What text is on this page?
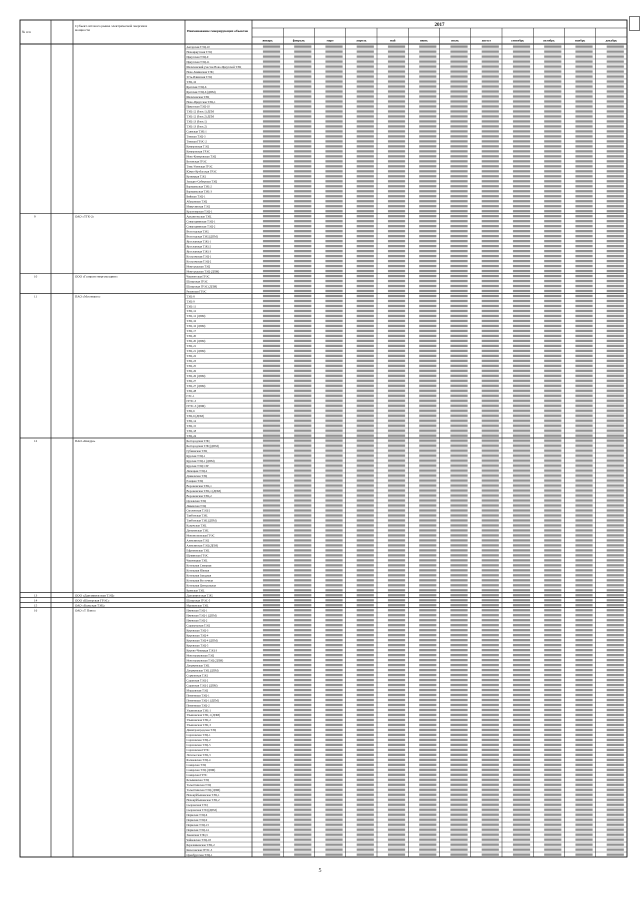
№ п/п
Субъект оптового рынка электрической энергии и
мощности	Наименование генерирующих объектов
2017
январь	февраль	март	апрель	май	июнь	июль	август	сентябрь	октябрь	ноябрь	декабрь
Ангарская ТЭЦ-10
Новоиркутская ТЭЦ
Иркутская ТЭЦ-9
Иркутская ТЭЦ-11
Шелеховский участок Ново-Иркутской ТЭЦ
Ново-Зиминская ТЭЦ
Усть-Илимская ТЭЦ
ТЭЦ-16
Братская ТЭЦ-6
Братская ТЭЦ-6 (ДПМ)
Шелеховская ТЭЦ
Ново-Иркутская ТЭЦ-1
Иркутская ТЭЦ-10
ТЭЦ-12 (блок 1) ДПМ
ТЭЦ-12 (блок 2) ДПМ
ТЭЦ-13 (блок 1)
ТЭЦ-13 (блок 2)
Саянская ТЭЦ-1
Томская ТЭЦ-3
Томская ГРЭС-2
Кемеровская ТЭЦ
Кемеровская ГРЭС
Ново-Кемеровская ТЭЦ
Беловская ГРЭС
Томь-Усинская ГРЭС
Южно-Кузбасская ГРЭС
Кузнецкая ТЭЦ
Западно-Сибирская ТЭЦ
Барнаульская ТЭЦ-2
Барнаульская ТЭЦ-3
Бийская ТЭЦ-1
Абаканская ТЭЦ
Минусинская ТЭЦ
Красноярская ТЭЦ-1
9	ОАО «ТГК-2»	Архангельская ТЭЦ
Северодвинская ТЭЦ-1
Северодвинская ТЭЦ-2
Вологодская ТЭЦ
Вологодская ТЭЦ (ДПМ)
Ярославская ТЭЦ-1
Ярославская ТЭЦ-2
Ярославская ТЭЦ-3
Костромская ТЭЦ-1
Костромская ТЭЦ-2
Новгородская ТЭЦ
Новгородская ТЭЦ (ДПМ)
10	ООО «Газпром энергохолдинг»	Черепетская ГРЭС
Шатурская ГРЭС
Шатурская ГРЭС (ДПМ)
Рязанская ГРЭС
11	ПАО «Мосэнерго»	ТЭЦ-8
ТЭЦ-9
ТЭЦ-11
ТЭЦ-12
ТЭЦ-12 (ДПМ)
ТЭЦ-16
ТЭЦ-16 (ДПМ)
ТЭЦ-17
ТЭЦ-20
ТЭЦ-20 (ДПМ)
ТЭЦ-21
ТЭЦ-21 (ДПМ)
ТЭЦ-22
ТЭЦ-23
ТЭЦ-25
ТЭЦ-26
ТЭЦ-26 (ДПМ)
ТЭЦ-27
ТЭЦ-27 (ДПМ)
ТЭЦ-28
ГЭС-1
ГРЭС-3
ГРЭС-3 (ДПМ)
ТЭЦ-6
ТЭЦ-6 (ДПМ)
ТЭЦ-14
ТЭЦ-15
ТЭЦ-18
ТЭЦ-24
12	ПАО «Квадра»	Белгородская ТЭЦ
Белгородская ТЭЦ (ДПМ)
Губкинская ТЭЦ
Курская ТЭЦ-1
Курская ТЭЦ-1 (ДПМ)
Курская ТЭЦ СЗР
Липецкая ТЭЦ-2
Данковская ТЭЦ
Елецкая ТЭЦ
Воронежская ТЭЦ-1
Воронежская ТЭЦ-1 (ДПМ)
Воронежская ТЭЦ-2
Орловская ТЭЦ
Ливенская ТЭЦ
Смоленская ТЭЦ-2
Тамбовская ТЭЦ
Тамбовская ТЭЦ (ДПМ)
Калужская ТЭЦ
Дягилевская ТЭЦ
Новомосковская ГРЭС
Алексинская ТЭЦ
Алексинская ТЭЦ (ДПМ)
Ефремовская ТЭЦ
Щекинская ГРЭС
Черепецкая ТЭЦ
Котельная Северная
Котельная Южная
Котельная Западная
Котельная Восточная
Котельная Центральная
Брянская ТЭЦ
13	ООО «Даугавпилсская ТЭЦ»	Даугавпилсская ТЭЦ
14	ООО «Шатурская ГРЭС»	Шатурская ГРЭС-5
15	ОАО «Кольская ТЭЦ»	Мурманская ТЭЦ
16	ОАО «Т Плюс»	Ижевская ТЭЦ-1
Ижевская ТЭЦ-1 (ДПМ)
Ижевская ТЭЦ-2
Сарапульская ТЭЦ
Кировская ТЭЦ-3
Кировская ТЭЦ-4
Кировская ТЭЦ-4 (ДПМ)
Кировская ТЭЦ-5
Кирово-Чепецкая ТЭЦ-3
Новогорьковская ТЭЦ
Новогорьковская ТЭЦ (ДПМ)
Дзержинская ТЭЦ
Дзержинская ТЭЦ (ДПМ)
Сормовская ТЭЦ
Саранская ТЭЦ-2
Саранская ТЭЦ-2 (ДПМ)
Мордовская ТЭЦ
Пензенская ТЭЦ-1
Пензенская ТЭЦ-1 (ДПМ)
Пензенская ТЭЦ-2
Ульяновская ТЭЦ-1
Ульяновская ТЭЦ-1 (ДПМ)
Ульяновская ТЭЦ-2
Ульяновская ТЭЦ-3
Димитровградская ТЭЦ
Саратовская ТЭЦ-1
Саратовская ТЭЦ-2
Саратовская ТЭЦ-5
Саратовская ГРЭС
Энгельсская ТЭЦ-3
Балаковская ТЭЦ-4
Самарская ТЭЦ
Самарская ТЭЦ (ДПМ)
Самарская ГРЭС
Безымянская ТЭЦ
Тольяттинская ТЭЦ
Тольяттинская ТЭЦ (ДПМ)
Новокуйбышевская ТЭЦ-1
Новокуйбышевская ТЭЦ-2
Сызранская ТЭЦ
Сызранская ТЭЦ (ДПМ)
Пермская ТЭЦ-6
Пермская ТЭЦ-9
Пермская ТЭЦ-13
Пермская ТЭЦ-14
Закамская ТЭЦ-5
Чайковская ТЭЦ-18
Березниковская ТЭЦ-2
Кизеловская ГРЭС-3
Оренбургская ТЭЦ-1
5
